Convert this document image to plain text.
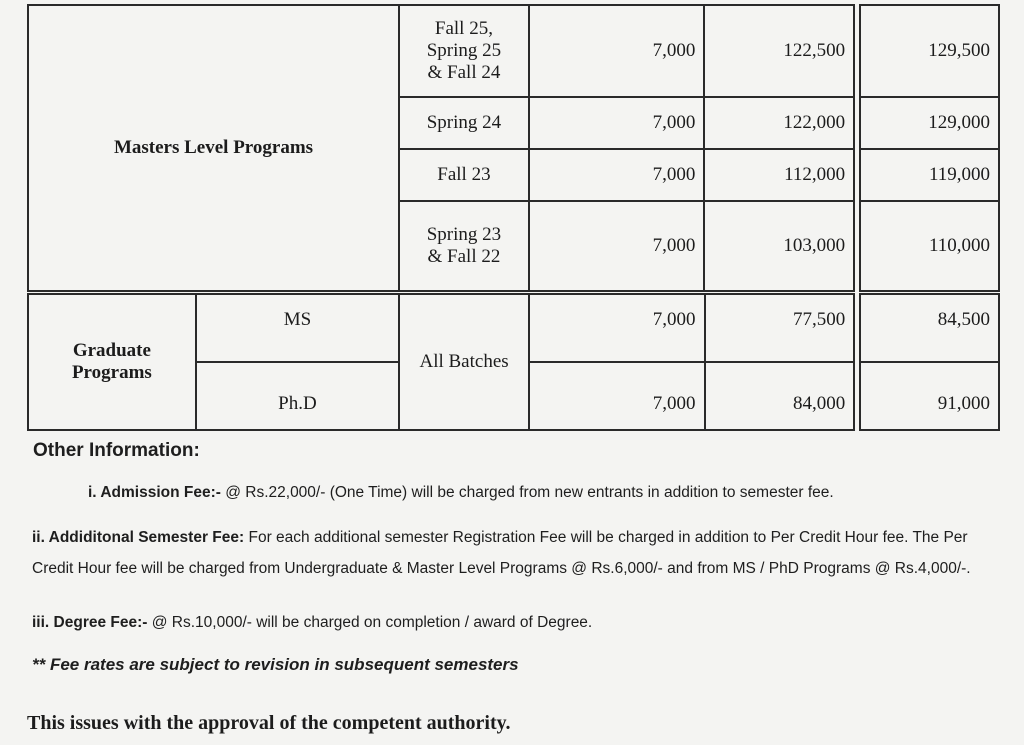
Masters Level Programs	Fall 25,
Spring 25
& Fall 24	7,000	122,500		129,500
	Spring 24	7,000	122,000		129,000
	Fall 23	7,000	112,000		119,000
	Spring 23
& Fall 22	7,000	103,000		110,000
Graduate
Programs	MS	All Batches	7,000	77,500		84,500
	Ph.D		7,000	84,000		91,000
Other Information:
i. Admission Fee:- @ Rs.22,000/- (One Time) will be charged from new entrants in addition to semester fee.
ii. Addiditonal Semester Fee: For each additional semester Registration Fee will be charged in addition to Per Credit Hour fee. The Per Credit Hour fee will be charged from Undergraduate & Master Level Programs @ Rs.6,000/- and from MS / PhD Programs @ Rs.4,000/-.
iii. Degree Fee:- @ Rs.10,000/- will be charged on completion / award of Degree.
** Fee rates are subject to revision in subsequent semesters
This issues with the approval of the competent authority.
